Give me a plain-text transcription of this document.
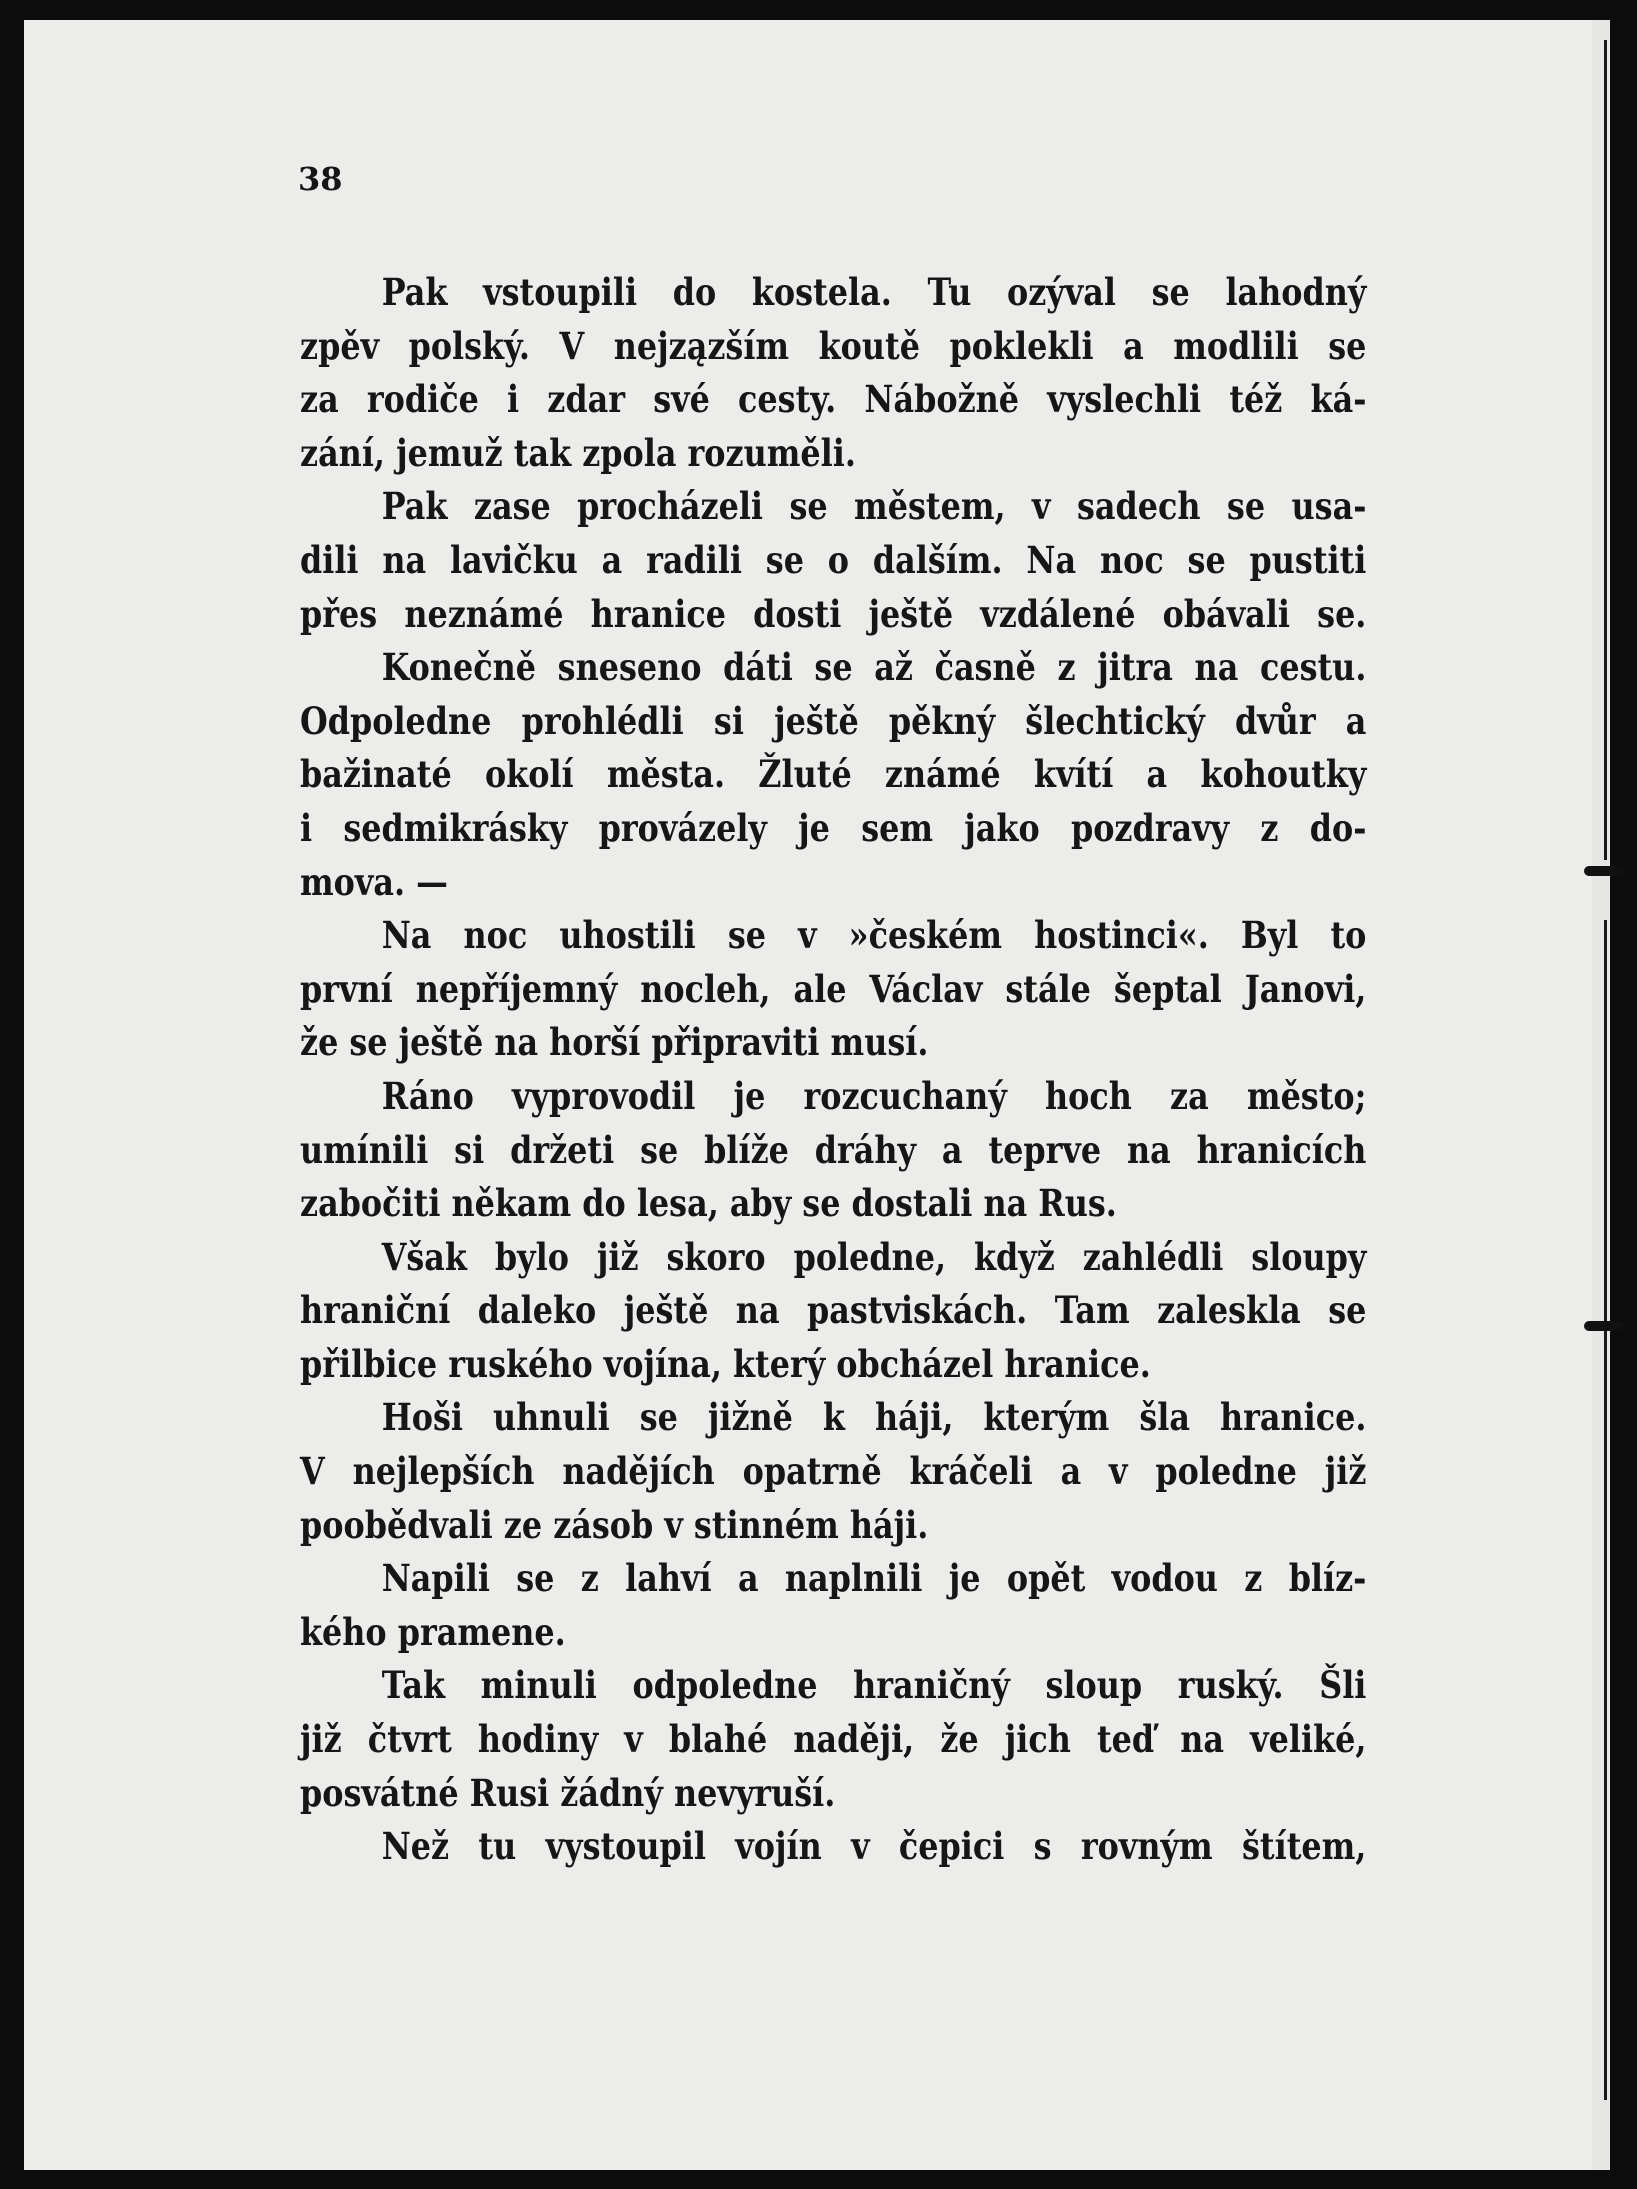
38
Pak vstoupili do kostela. Tu ozýval se lahodný
zpěv polský. V nejzązším koutě poklekli a modlili se
za rodiče i zdar své cesty. Nábožně vyslechli též ká-
zání, jemuž tak zpola rozuměli.
Pak zase procházeli se městem, v sadech se usa-
dili na lavičku a radili se o dalším. Na noc se pustiti
přes neznámé hranice dosti ještě vzdálené obávali se.
Konečně sneseno dáti se až časně z jitra na cestu.
Odpoledne prohlédli si ještě pěkný šlechtický dvůr a
bažinaté okolí města. Žluté známé kvítí a kohoutky
i sedmikrásky provázely je sem jako pozdravy z do-
mova. —
Na noc uhostili se v »českém hostinci«. Byl to
první nepříjemný nocleh, ale Václav stále šeptal Janovi,
že se ještě na horší připraviti musí.
Ráno vyprovodil je rozcuchaný hoch za město;
umínili si držeti se blíže dráhy a teprve na hranicích
zabočiti někam do lesa, aby se dostali na Rus.
Však bylo již skoro poledne, když zahlédli sloupy
hraniční daleko ještě na pastviskách. Tam zaleskla se
přilbice ruského vojína, který obcházel hranice.
Hoši uhnuli se jižně k háji, kterým šla hranice.
V nejlepších nadějích opatrně kráčeli a v poledne již
poobědvali ze zásob v stinném háji.
Napili se z lahví a naplnili je opět vodou z blíz-
kého pramene.
Tak minuli odpoledne hraničný sloup ruský. Šli
již čtvrt hodiny v blahé naději, že jich teď na veliké,
posvátné Rusi žádný nevyruší.
Než tu vystoupil vojín v čepici s rovným štítem,
